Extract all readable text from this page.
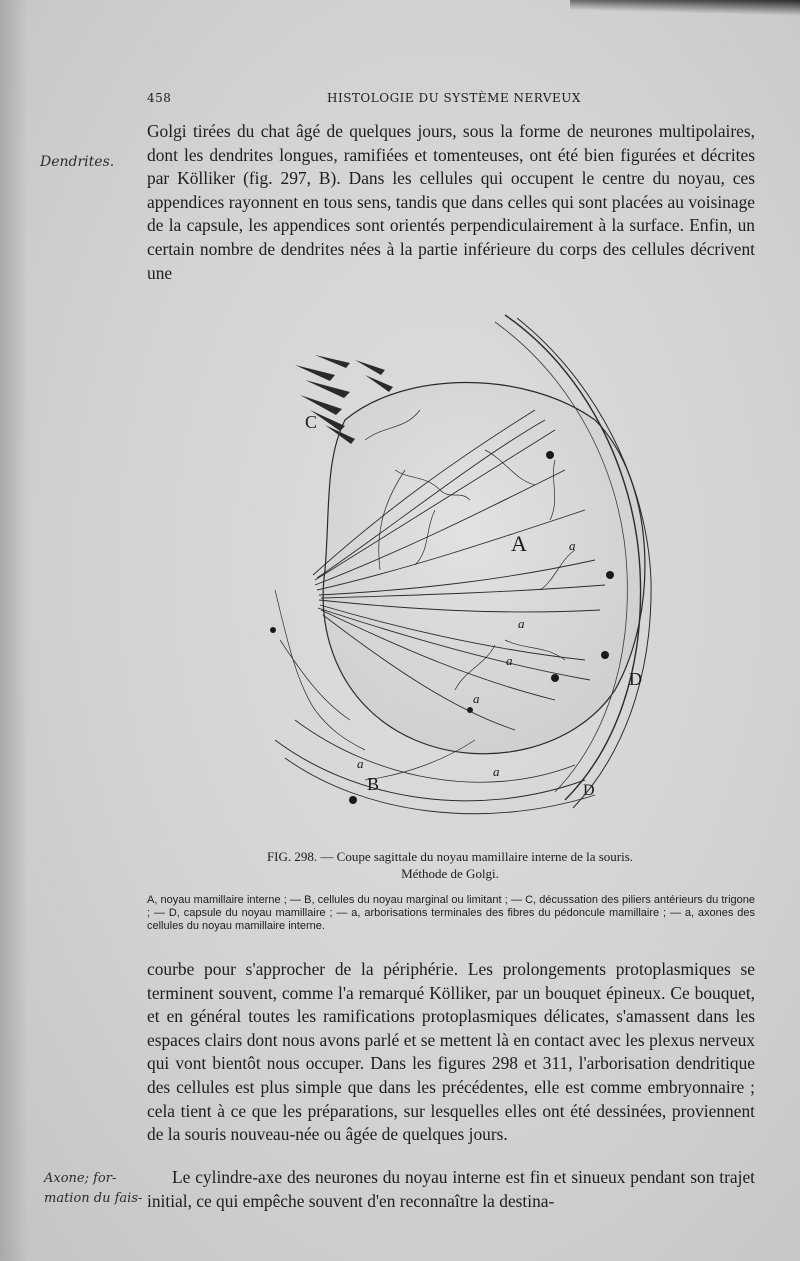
458	HISTOLOGIE DU SYSTÈME NERVEUX
Dendrites.

Golgi tirées du chat âgé de quelques jours, sous la forme de neurones multipolaires, dont les dendrites longues, ramifiées et tomenteuses, ont été bien figurées et décrites par Kölliker (fig. 297, B). Dans les cellules qui occupent le centre du noyau, ces appendices rayonnent en tous sens, tandis que dans celles qui sont placées au voisinage de la capsule, les appendices sont orientés perpendiculairement à la surface. Enfin, un certain nombre de dendrites nées à la partie inférieure du corps des cellules décrivent une

A
B
C
D
D
a
a
a
a
a
a
FIG. 298. — Coupe sagittale du noyau mamillaire interne de la souris.
Méthode de Golgi.
A, noyau mamillaire interne ; — B, cellules du noyau marginal ou limitant ; — C, décussation des piliers antérieurs du trigone ; — D, capsule du noyau mamillaire ; — a, arborisations terminales des fibres du pédoncule mamillaire ; — a, axones des cellules du noyau mamillaire interne.

courbe pour s'approcher de la périphérie. Les prolongements protoplasmiques se terminent souvent, comme l'a remarqué Kölliker, par un bouquet épineux. Ce bouquet, et en général toutes les ramifications protoplasmiques délicates, s'amassent dans les espaces clairs dont nous avons parlé et se mettent là en contact avec les plexus nerveux qui vont bientôt nous occuper. Dans les figures 298 et 311, l'arborisation dendritique des cellules est plus simple que dans les précédentes, elle est comme embryonnaire ; cela tient à ce que les préparations, sur lesquelles elles ont été dessinées, proviennent de la souris nouveau-née ou âgée de quelques jours.

Axone; for-
mation du fais-

Le cylindre-axe des neurones du noyau interne est fin et sinueux pendant son trajet initial, ce qui empêche souvent d'en reconnaître la destina-
